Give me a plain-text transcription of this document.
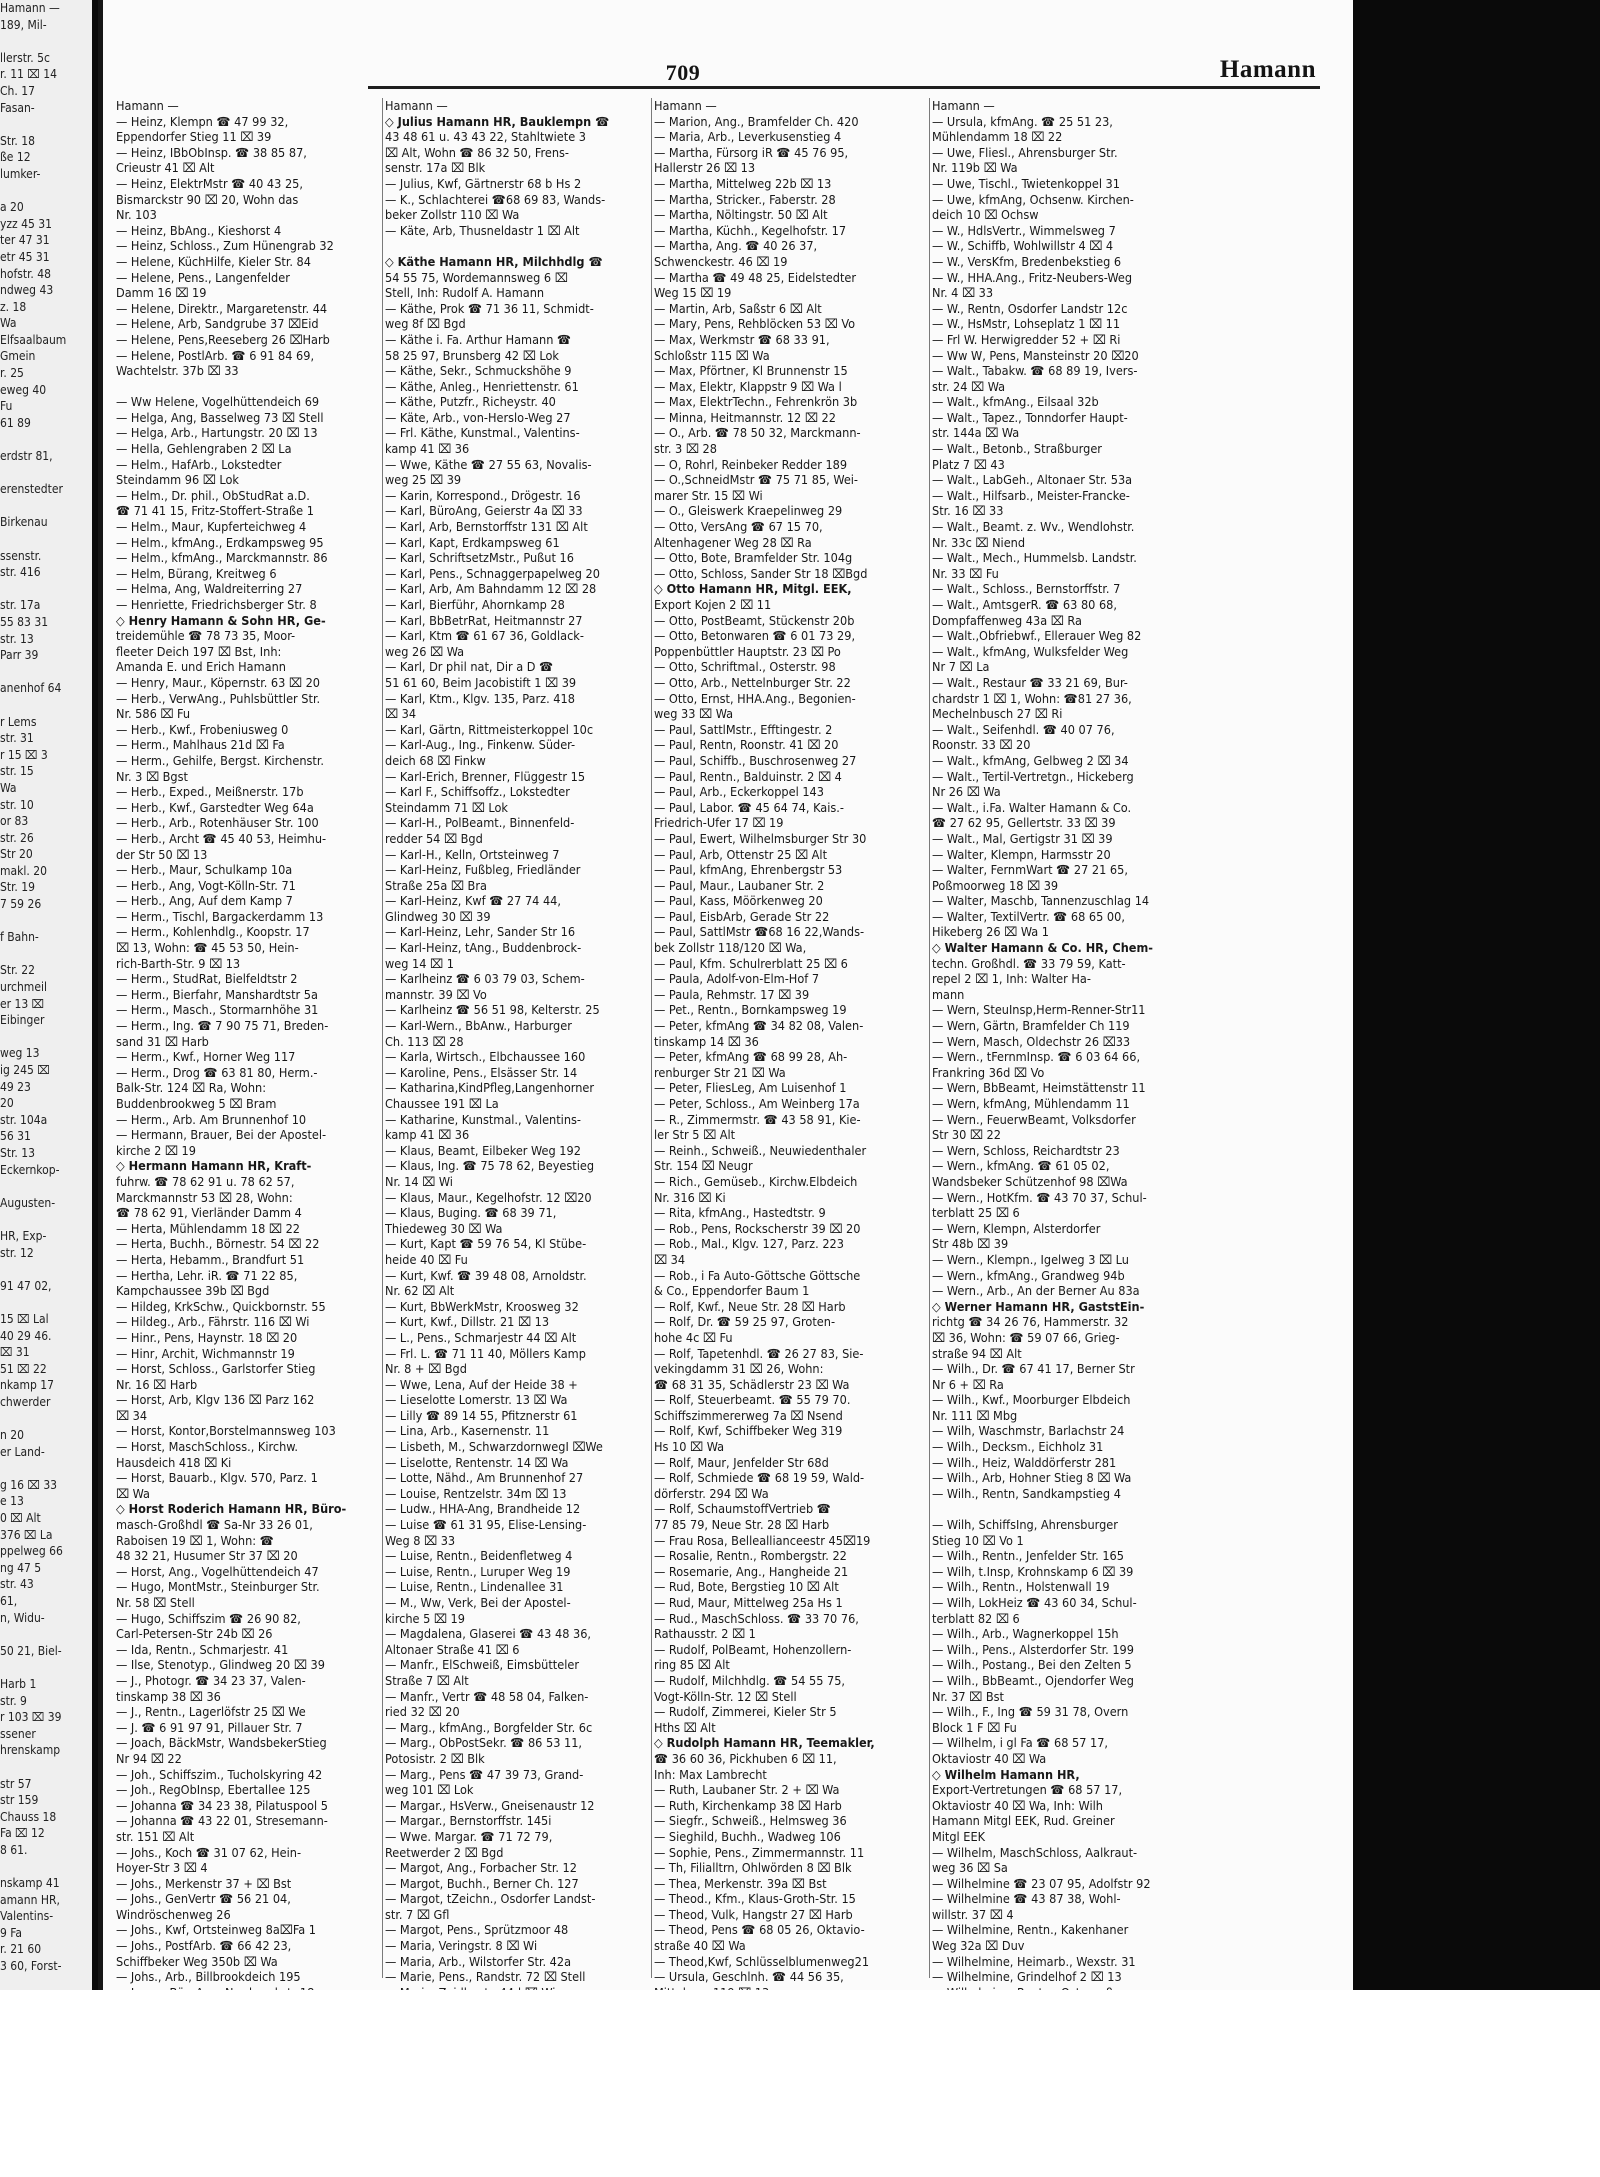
Hamann —
189, Mil-

llerstr. 5c
r. 11 ⌧ 14
Ch. 17
Fasan-

Str. 18
ße 12
lumker-

a 20
yzz 45 31
ter 47 31
etr 45 31
hofstr. 48
ndweg 43
z. 18
Wa
Elfsaalbaum
Gmein
r. 25
eweg 40
Fu
61 89

erdstr 81,

erenstedter

Birkenau

ssenstr.
str. 416

str. 17a
55 83 31
str. 13
Parr 39

anenhof 64

r Lems
str. 31
r 15 ⌧ 3
str. 15
Wa
str. 10
or 83
str. 26
Str 20
makl. 20
Str. 19
7 59 26

f Bahn-

Str. 22
urchmeil
er 13 ⌧
Eibinger

weg 13
ig 245 ⌧
49 23
20
str. 104a
56 31
Str. 13
Eckernkop-

Augusten-

HR, Exp-
str. 12

91 47 02,

15 ⌧ Lal
40 29 46.
⌧ 31
51 ⌧ 22
nkamp 17
chwerder

n 20
er Land-

g 16 ⌧ 33
e 13
0 ⌧ Alt
376 ⌧ La
ppelweg 66
ng 47 5
str. 43
61,
n, Widu-

50 21, Biel-

Harb 1
str. 9
r 103 ⌧ 39
ssener
hrenskamp

str 57
str 159
Chauss 18
Fa ⌧ 12
8 61.

nskamp 41
amann HR,
Valentins-
9 Fa
r. 21 60
3 60, Forst-
709	Hamann
Hamann —
— Heinz, Klempn ☎ 47 99 32,
Eppendorfer Stieg 11 ⌧ 39
— Heinz, IBbObInsp. ☎ 38 85 87,
Crieustr 41 ⌧ Alt
— Heinz, ElektrMstr ☎ 40 43 25,
Bismarckstr 90 ⌧ 20, Wohn das
Nr. 103
— Heinz, BbAng., Kieshorst 4
— Heinz, Schloss., Zum Hünengrab 32
— Helene, KüchHilfe, Kieler Str. 84
— Helene, Pens., Langenfelder
Damm 16 ⌧ 19
— Helene, Direktr., Margaretenstr. 44
— Helene, Arb, Sandgrube 37 ⌧Eid
— Helene, Pens,Reeseberg 26 ⌧Harb
— Helene, PostlArb. ☎ 6 91 84 69,
Wachtelstr. 37b ⌧ 33

— Ww Helene, Vogelhüttendeich 69
— Helga, Ang, Basselweg 73 ⌧ Stell
— Helga, Arb., Hartungstr. 20 ⌧ 13
— Hella, Gehlengraben 2 ⌧ La
— Helm., HafArb., Lokstedter
Steindamm 96 ⌧ Lok
— Helm., Dr. phil., ObStudRat a.D.
☎ 71 41 15, Fritz-Stoffert-Straße 1
— Helm., Maur, Kupferteichweg 4
— Helm., kfmAng., Erdkampsweg 95
— Helm., kfmAng., Marckmannstr. 86
— Helm, Bürang, Kreitweg 6
— Helma, Ang, Waldreiterring 27
— Henriette, Friedrichsberger Str. 8
◇ Henry Hamann & Sohn HR, Ge-
treidemühle ☎ 78 73 35, Moor-
fleeter Deich 197 ⌧ Bst, Inh:
Amanda E. und Erich Hamann
— Henry, Maur., Köpernstr. 63 ⌧ 20
— Herb., VerwAng., Puhlsbüttler Str.
Nr. 586 ⌧ Fu
— Herb., Kwf., Frobeniusweg 0
— Herm., Mahlhaus 21d ⌧ Fa
— Herm., Gehilfe, Bergst. Kirchenstr.
Nr. 3 ⌧ Bgst
— Herb., Exped., Meißnerstr. 17b
— Herb., Kwf., Garstedter Weg 64a
— Herb., Arb., Rotenhäuser Str. 100
— Herb., Archt ☎ 45 40 53, Heimhu-
der Str 50 ⌧ 13
— Herb., Maur, Schulkamp 10a
— Herb., Ang, Vogt-Kölln-Str. 71
— Herb., Ang, Auf dem Kamp 7
— Herm., Tischl, Bargackerdamm 13
— Herm., Kohlenhdlg., Koopstr. 17
⌧ 13, Wohn: ☎ 45 53 50, Hein-
rich-Barth-Str. 9 ⌧ 13
— Herm., StudRat, Bielfeldtstr 2
— Herm., Bierfahr, Manshardtstr 5a
— Herm., Masch., Stormarnhöhe 31
— Herm., Ing. ☎ 7 90 75 71, Breden-
sand 31 ⌧ Harb
— Herm., Kwf., Horner Weg 117
— Herm., Drog ☎ 63 81 80, Herm.-
Balk-Str. 124 ⌧ Ra, Wohn:
Buddenbrookweg 5 ⌧ Bram
— Herm., Arb. Am Brunnenhof 10
— Hermann, Brauer, Bei der Apostel-
kirche 2 ⌧ 19
◇ Hermann Hamann HR, Kraft-
fuhrw. ☎ 78 62 91 u. 78 62 57,
Marckmannstr 53 ⌧ 28, Wohn:
☎ 78 62 91, Vierländer Damm 4
— Herta, Mühlendamm 18 ⌧ 22
— Herta, Buchh., Börnestr. 54 ⌧ 22
— Herta, Hebamm., Brandfurt 51
— Hertha, Lehr. iR. ☎ 71 22 85,
Kampchaussee 39b ⌧ Bgd
— Hildeg, KrkSchw., Quickbornstr. 55
— Hildeg., Arb., Fährstr. 116 ⌧ Wi
— Hinr., Pens, Haynstr. 18 ⌧ 20
— Hinr, Archit, Wichmannstr 19
— Horst, Schloss., Garlstorfer Stieg
Nr. 16 ⌧ Harb
— Horst, Arb, Klgv 136 ⌧ Parz 162
⌧ 34
— Horst, Kontor,Borstelmannsweg 103
— Horst, MaschSchloss., Kirchw.
Hausdeich 418 ⌧ Ki
— Horst, Bauarb., Klgv. 570, Parz. 1
⌧ Wa
◇ Horst Roderich Hamann HR, Büro-
masch-Großhdl ☎ Sa-Nr 33 26 01,
Raboisen 19 ⌧ 1, Wohn: ☎
48 32 21, Husumer Str 37 ⌧ 20
— Horst, Ang., Vogelhüttendeich 47
— Hugo, MontMstr., Steinburger Str.
Nr. 58 ⌧ Stell
— Hugo, Schiffszim ☎ 26 90 82,
Carl-Petersen-Str 24b ⌧ 26
— Ida, Rentn., Schmarjestr. 41
— Ilse, Stenotyp., Glindweg 20 ⌧ 39
— J., Photogr. ☎ 34 23 37, Valen-
tinskamp 38 ⌧ 36
— J., Rentn., Lagerlöfstr 25 ⌧ We
— J. ☎ 6 91 97 91, Pillauer Str. 7
— Joach, BäckMstr, WandsbekerStieg
Nr 94 ⌧ 22
— Joh., Schiffszim., Tucholskyring 42
— Joh., RegObInsp, Ebertallee 125
— Johanna ☎ 34 23 38, Pilatuspool 5
— Johanna ☎ 43 22 01, Stresemann-
str. 151 ⌧ Alt
— Johs., Koch ☎ 31 07 62, Hein-
Hoyer-Str 3 ⌧ 4
— Johs., Merkenstr 37 + ⌧ Bst
— Johs., GenVertr ☎ 56 21 04,
Windröschenweg 26
— Johs., Kwf, Ortsteinweg 8a⌧Fa 1
— Johs., PostfArb. ☎ 66 42 23,
Schiffbeker Weg 350b ⌧ Wa
— Johs., Arb., Billbrookdeich 195
Hamann —
◇ Julius Hamann HR, Bauklempn ☎
43 48 61 u. 43 43 22, Stahltwiete 3
⌧ Alt, Wohn ☎ 86 32 50, Frens-
senstr. 17a ⌧ Blk
— Julius, Kwf, Gärtnerstr 68 b Hs 2
— K., Schlachterei ☎68 69 83, Wands-
beker Zollstr 110 ⌧ Wa
— Käte, Arb, Thusneldastr 1 ⌧ Alt

◇ Käthe Hamann HR, Milchhdlg ☎
54 55 75, Wordemannsweg 6 ⌧
Stell, Inh: Rudolf A. Hamann
— Käthe, Prok ☎ 71 36 11, Schmidt-
weg 8f ⌧ Bgd
— Käthe i. Fa. Arthur Hamann ☎
58 25 97, Brunsberg 42 ⌧ Lok
— Käthe, Sekr., Schmuckshöhe 9
— Käthe, Anleg., Henriettenstr. 61
— Käthe, Putzfr., Richeystr. 40
— Käte, Arb., von-Herslo-Weg 27
— Frl. Käthe, Kunstmal., Valentins-
kamp 41 ⌧ 36
— Wwe, Käthe ☎ 27 55 63, Novalis-
weg 25 ⌧ 39
— Karin, Korrespond., Drögestr. 16
— Karl, BüroAng, Geierstr 4a ⌧ 33
— Karl, Arb, Bernstorffstr 131 ⌧ Alt
— Karl, Kapt, Erdkampsweg 61
— Karl, SchriftsetzMstr., Pußut 16
— Karl, Pens., Schnaggerpapelweg 20
— Karl, Arb, Am Bahndamm 12 ⌧ 28
— Karl, Bierführ, Ahornkamp 28
— Karl, BbBetrRat, Heitmannstr 27
— Karl, Ktm ☎ 61 67 36, Goldlack-
weg 26 ⌧ Wa
— Karl, Dr phil nat, Dir a D ☎
51 61 60, Beim Jacobistift 1 ⌧ 39
— Karl, Ktm., Klgv. 135, Parz. 418
⌧ 34
— Karl, Gärtn, Rittmeisterkoppel 10c
— Karl-Aug., Ing., Finkenw. Süder-
deich 68 ⌧ Finkw
— Karl-Erich, Brenner, Flüggestr 15
— Karl F., Schiffsoffz., Lokstedter
Steindamm 71 ⌧ Lok
— Karl-H., PolBeamt., Binnenfeld-
redder 54 ⌧ Bgd
— Karl-H., Kelln, Ortsteinweg 7
— Karl-Heinz, Fußbleg, Friedländer
Straße 25a ⌧ Bra
— Karl-Heinz, Kwf ☎ 27 74 44,
Glindweg 30 ⌧ 39
— Karl-Heinz, Lehr, Sander Str 16
— Karl-Heinz, tAng., Buddenbrock-
weg 14 ⌧ 1
— Karlheinz ☎ 6 03 79 03, Schem-
mannstr. 39 ⌧ Vo
— Karlheinz ☎ 56 51 98, Kelterstr. 25
— Karl-Wern., BbAnw., Harburger
Ch. 113 ⌧ 28
— Karla, Wirtsch., Elbchaussee 160
— Karoline, Pens., Elsässer Str. 14
— Katharina,KindPfleg,Langenhorner
Chaussee 191 ⌧ La
— Katharine, Kunstmal., Valentins-
kamp 41 ⌧ 36
— Klaus, Beamt, Eilbeker Weg 192
— Klaus, Ing. ☎ 75 78 62, Beyestieg
Nr. 14 ⌧ Wi
— Klaus, Maur., Kegelhofstr. 12 ⌧20
— Klaus, Buging. ☎ 68 39 71,
Thiedeweg 30 ⌧ Wa
— Kurt, Kapt ☎ 59 76 54, Kl Stübe-
heide 40 ⌧ Fu
— Kurt, Kwf. ☎ 39 48 08, Arnoldstr.
Nr. 62 ⌧ Alt
— Kurt, BbWerkMstr, Kroosweg 32
— Kurt, Kwf., Dillstr. 21 ⌧ 13
— L., Pens., Schmarjestr 44 ⌧ Alt
— Frl. L. ☎ 71 11 40, Möllers Kamp
Nr. 8 + ⌧ Bgd
— Wwe, Lena, Auf der Heide 38 +
— Lieselotte Lomerstr. 13 ⌧ Wa
— Lilly ☎ 89 14 55, Pfitznerstr 61
— Lina, Arb., Kasernenstr. 11
— Lisbeth, M., SchwarzdornwegI ⌧We
— Liselotte, Rentenstr. 14 ⌧ Wa
— Lotte, Nähd., Am Brunnenhof 27
— Louise, Rentzelstr. 34m ⌧ 13
— Ludw., HHA-Ang, Brandheide 12
— Luise ☎ 61 31 95, Elise-Lensing-
Weg 8 ⌧ 33
— Luise, Rentn., Beidenfletweg 4
— Luise, Rentn., Luruper Weg 19
— Luise, Rentn., Lindenallee 31
— M., Ww, Verk, Bei der Apostel-
kirche 5 ⌧ 19
— Magdalena, Glaserei ☎ 43 48 36,
Altonaer Straße 41 ⌧ 6
— Manfr., ElSchweiß, Eimsbütteler
Straße 7 ⌧ Alt
— Manfr., Vertr ☎ 48 58 04, Falken-
ried 32 ⌧ 20
— Marg., kfmAng., Borgfelder Str. 6c
— Marg., ObPostSekr. ☎ 86 53 11,
Potosistr. 2 ⌧ Blk
— Marg., Pens ☎ 47 39 73, Grand-
weg 101 ⌧ Lok
— Margar., HsVerw., Gneisenaustr 12
— Margar., Bernstorffstr. 145i
— Wwe. Margar. ☎ 71 72 79,
Reetwerder 2 ⌧ Bgd
— Margot, Ang., Forbacher Str. 12
— Margot, Buchh., Berner Ch. 127
— Margot, tZeichn., Osdorfer Landst-
str. 7 ⌧ Gfl
— Margot, Pens., Sprützmoor 48
— Maria, Veringstr. 8 ⌧ Wi
— Maria, Arb., Wilstorfer Str. 42a
— Marie, Pens., Randstr. 72 ⌧ Stell
Hamann —
— Marion, Ang., Bramfelder Ch. 420
— Maria, Arb., Leverkusenstieg 4
— Martha, Fürsorg iR ☎ 45 76 95,
Hallerstr 26 ⌧ 13
— Martha, Mittelweg 22b ⌧ 13
— Martha, Stricker., Faberstr. 28
— Martha, Nöltingstr. 50 ⌧ Alt
— Martha, Küchh., Kegelhofstr. 17
— Martha, Ang. ☎ 40 26 37,
Schwenckestr. 46 ⌧ 19
— Martha ☎ 49 48 25, Eidelstedter
Weg 15 ⌧ 19
— Martin, Arb, Saßstr 6 ⌧ Alt
— Mary, Pens, Rehblöcken 53 ⌧ Vo
— Max, Werkmstr ☎ 68 33 91,
Schloßstr 115 ⌧ Wa
— Max, Pförtner, Kl Brunnenstr 15
— Max, Elektr, Klappstr 9 ⌧ Wa l
— Max, ElektrTechn., Fehrenkrön 3b
— Minna, Heitmannstr. 12 ⌧ 22
— O., Arb. ☎ 78 50 32, Marckmann-
str. 3 ⌧ 28
— O, Rohrl, Reinbeker Redder 189
— O.,SchneidMstr ☎ 75 71 85, Wei-
marer Str. 15 ⌧ Wi
— O., Gleiswerk Kraepelinweg 29
— Otto, VersAng ☎ 67 15 70,
Altenhagener Weg 28 ⌧ Ra
— Otto, Bote, Bramfelder Str. 104g
— Otto, Schloss, Sander Str 18 ⌧Bgd
◇ Otto Hamann HR, Mitgl. EEK,
Export Kojen 2 ⌧ 11
— Otto, PostBeamt, Stückenstr 20b
— Otto, Betonwaren ☎ 6 01 73 29,
Poppenbüttler Hauptstr. 23 ⌧ Po
— Otto, Schriftmal., Osterstr. 98
— Otto, Arb., Nettelnburger Str. 22
— Otto, Ernst, HHA.Ang., Begonien-
weg 33 ⌧ Wa
— Paul, SattlMstr., Efftingestr. 2
— Paul, Rentn, Roonstr. 41 ⌧ 20
— Paul, Schiffb., Buschrosenweg 27
— Paul, Rentn., Balduinstr. 2 ⌧ 4
— Paul, Arb., Eckerkoppel 143
— Paul, Labor. ☎ 45 64 74, Kais.-
Friedrich-Ufer 17 ⌧ 19
— Paul, Ewert, Wilhelmsburger Str 30
— Paul, Arb, Ottenstr 25 ⌧ Alt
— Paul, kfmAng, Ehrenbergstr 53
— Paul, Maur., Laubaner Str. 2
— Paul, Kass, Möörkenweg 20
— Paul, EisbArb, Gerade Str 22
— Paul, SattlMstr ☎68 16 22,Wands-
bek Zollstr 118/120 ⌧ Wa,
— Paul, Kfm. Schulrerblatt 25 ⌧ 6
— Paula, Adolf-von-Elm-Hof 7
— Paula, Rehmstr. 17 ⌧ 39
— Pet., Rentn., Bornkampsweg 19
— Peter, kfmAng ☎ 34 82 08, Valen-
tinskamp 14 ⌧ 36
— Peter, kfmAng ☎ 68 99 28, Ah-
renburger Str 21 ⌧ Wa
— Peter, FliesLeg, Am Luisenhof 1
— Peter, Schloss., Am Weinberg 17a
— R., Zimmermstr. ☎ 43 58 91, Kie-
ler Str 5 ⌧ Alt
— Reinh., Schweiß., Neuwiedenthaler
Str. 154 ⌧ Neugr
— Rich., Gemüseb., Kirchw.Elbdeich
Nr. 316 ⌧ Ki
— Rita, kfmAng., Hastedtstr. 9
— Rob., Pens, Rockscherstr 39 ⌧ 20
— Rob., Mal., Klgv. 127, Parz. 223
⌧ 34
— Rob., i Fa Auto-Göttsche Göttsche
& Co., Eppendorfer Baum 1
— Rolf, Kwf., Neue Str. 28 ⌧ Harb
— Rolf, Dr. ☎ 59 25 97, Groten-
hohe 4c ⌧ Fu
— Rolf, Tapetenhdl. ☎ 26 27 83, Sie-
vekingdamm 31 ⌧ 26, Wohn:
☎ 68 31 35, Schädlerstr 23 ⌧ Wa
— Rolf, Steuerbeamt. ☎ 55 79 70.
Schiffszimmererweg 7a ⌧ Nsend
— Rolf, Kwf, Schiffbeker Weg 319
Hs 10 ⌧ Wa
— Rolf, Maur, Jenfelder Str 68d
— Rolf, Schmiede ☎ 68 19 59, Wald-
dörferstr. 294 ⌧ Wa
— Rolf, SchaumstoffVertrieb ☎
77 85 79, Neue Str. 28 ⌧ Harb
— Frau Rosa, Belleallianceestr 45⌧19
— Rosalie, Rentn., Rombergstr. 22
— Rosemarie, Ang., Hangheide 21
— Rud, Bote, Bergstieg 10 ⌧ Alt
— Rud, Maur, Mittelweg 25a Hs 1
— Rud., MaschSchloss. ☎ 33 70 76,
Rathausstr. 2 ⌧ 1
— Rudolf, PolBeamt, Hohenzollern-
ring 85 ⌧ Alt
— Rudolf, Milchhdlg. ☎ 54 55 75,
Vogt-Kölln-Str. 12 ⌧ Stell
— Rudolf, Zimmerei, Kieler Str 5
Hths ⌧ Alt
◇ Rudolph Hamann HR, Teemakler,
☎ 36 60 36, Pickhuben 6 ⌧ 11,
Inh: Max Lambrecht
— Ruth, Laubaner Str. 2 + ⌧ Wa
— Ruth, Kirchenkamp 38 ⌧ Harb
— Siegfr., Schweiß., Helmsweg 36
— Sieghild, Buchh., Wadweg 106
— Sophie, Pens., Zimmermannstr. 11
— Th, Filialltrn, Ohlwörden 8 ⌧ Blk
— Thea, Merkenstr. 39a ⌧ Bst
— Theod., Kfm., Klaus-Groth-Str. 15
— Theod, Vulk, Hangstr 27 ⌧ Harb
— Theod, Pens ☎ 68 05 26, Oktavio-
straße 40 ⌧ Wa
— Theod,Kwf, Schlüsselblumenweg21
— Ursula, Geschlnh. ☎ 44 56 35,
Hamann —
— Ursula, kfmAng. ☎ 25 51 23,
Mühlendamm 18 ⌧ 22
— Uwe, Fliesl., Ahrensburger Str.
Nr. 119b ⌧ Wa
— Uwe, Tischl., Twietenkoppel 31
— Uwe, kfmAng, Ochsenw. Kirchen-
deich 10 ⌧ Ochsw
— W., HdlsVertr., Wimmelsweg 7
— W., Schiffb, Wohlwillstr 4 ⌧ 4
— W., VersKfm, Bredenbekstieg 6
— W., HHA.Ang., Fritz-Neubers-Weg
Nr. 4 ⌧ 33
— W., Rentn, Osdorfer Landstr 12c
— W., HsMstr, Lohseplatz 1 ⌧ 11
— Frl W. Herwigredder 52 + ⌧ Ri
— Ww W, Pens, Mansteinstr 20 ⌧20
— Walt., Tabakw. ☎ 68 89 19, Ivers-
str. 24 ⌧ Wa
— Walt., kfmAng., Eilsaal 32b
— Walt., Tapez., Tonndorfer Haupt-
str. 144a ⌧ Wa
— Walt., Betonb., Straßburger
Platz 7 ⌧ 43
— Walt., LabGeh., Altonaer Str. 53a
— Walt., Hilfsarb., Meister-Francke-
Str. 16 ⌧ 33
— Walt., Beamt. z. Wv., Wendlohstr.
Nr. 33c ⌧ Niend
— Walt., Mech., Hummelsb. Landstr.
Nr. 33 ⌧ Fu
— Walt., Schloss., Bernstorffstr. 7
— Walt., AmtsgerR. ☎ 63 80 68,
Dompfaffenweg 43a ⌧ Ra
— Walt.,Obfriebwf., Ellerauer Weg 82
— Walt., kfmAng, Wulksfelder Weg
Nr 7 ⌧ La
— Walt., Restaur ☎ 33 21 69, Bur-
chardstr 1 ⌧ 1, Wohn: ☎81 27 36,
Mechelnbusch 27 ⌧ Ri
— Walt., Seifenhdl. ☎ 40 07 76,
Roonstr. 33 ⌧ 20
— Walt., kfmAng, Gelbweg 2 ⌧ 34
— Walt., Tertil-Vertretgn., Hickeberg
Nr 26 ⌧ Wa
— Walt., i.Fa. Walter Hamann & Co.
☎ 27 62 95, Gellertstr. 33 ⌧ 39
— Walt., Mal, Gertigstr 31 ⌧ 39
— Walter, Klempn, Harmsstr 20
— Walter, FernmWart ☎ 27 21 65,
Poßmoorweg 18 ⌧ 39
— Walter, Maschb, Tannenzuschlag 14
— Walter, TextilVertr. ☎ 68 65 00,
Hikeberg 26 ⌧ Wa 1
◇ Walter Hamann & Co. HR, Chem-
techn. Großhdl. ☎ 33 79 59, Katt-
repel 2 ⌧ 1, Inh: Walter Ha-
mann
— Wern, SteuInsp,Herm-Renner-Str11
— Wern, Gärtn, Bramfelder Ch 119
— Wern, Masch, Oldechstr 26 ⌧33
— Wern., tFernmInsp. ☎ 6 03 64 66,
Frankring 36d ⌧ Vo
— Wern, BbBeamt, Heimstättenstr 11
— Wern, kfmAng, Mühlendamm 11
— Wern., FeuerwBeamt, Volksdorfer
Str 30 ⌧ 22
— Wern, Schloss, Reichardtstr 23
— Wern., kfmAng. ☎ 61 05 02,
Wandsbeker Schützenhof 98 ⌧Wa
— Wern., HotKfm. ☎ 43 70 37, Schul-
terblatt 25 ⌧ 6
— Wern, Klempn, Alsterdorfer
Str 48b ⌧ 39
— Wern., Klempn., Igelweg 3 ⌧ Lu
— Wern., kfmAng., Grandweg 94b
— Wern., Arb., An der Berner Au 83a
◇ Werner Hamann HR, GaststEin-
richtg ☎ 34 26 76, Hammerstr. 32
⌧ 36, Wohn: ☎ 59 07 66, Grieg-
straße 94 ⌧ Alt
— Wilh., Dr. ☎ 67 41 17, Berner Str
Nr 6 + ⌧ Ra
— Wilh., Kwf., Moorburger Elbdeich
Nr. 111 ⌧ Mbg
— Wilh, Waschmstr, Barlachstr 24
— Wilh., Decksm., Eichholz 31
— Wilh., Heiz, Walddörferstr 281
— Wilh., Arb, Hohner Stieg 8 ⌧ Wa
— Wilh., Rentn, Sandkampstieg 4

— Wilh, SchiffsIng, Ahrensburger
Stieg 10 ⌧ Vo 1
— Wilh., Rentn., Jenfelder Str. 165
— Wilh, t.Insp, Krohnskamp 6 ⌧ 39
— Wilh., Rentn., Holstenwall 19
— Wilh, LokHeiz ☎ 43 60 34, Schul-
terblatt 82 ⌧ 6
— Wilh., Arb., Wagnerkoppel 15h
— Wilh., Pens., Alsterdorfer Str. 199
— Wilh., Postang., Bei den Zelten 5
— Wilh., BbBeamt., Ojendorfer Weg
Nr. 37 ⌧ Bst
— Wilh., F., Ing ☎ 59 31 78, Overn
Block 1 F ⌧ Fu
— Wilhelm, i gl Fa ☎ 68 57 17,
Oktaviostr 40 ⌧ Wa
◇ Wilhelm Hamann HR,
Export-Vertretungen ☎ 68 57 17,
Oktaviostr 40 ⌧ Wa, Inh: Wilh
Hamann Mitgl EEK, Rud. Greiner
Mitgl EEK
— Wilhelm, MaschSchloss, Aalkraut-
weg 36 ⌧ Sa
— Wilhelmine ☎ 23 07 95, Adolfstr 92
— Wilhelmine ☎ 43 87 38, Wohl-
willstr. 37 ⌧ 4
— Wilhelmine, Rentn., Kakenhaner
Weg 32a ⌧ Duv
— Wilhelmine, Heimarb., Wexstr. 31
— Wilhelmine, Grindelhof 2 ⌧ 13
